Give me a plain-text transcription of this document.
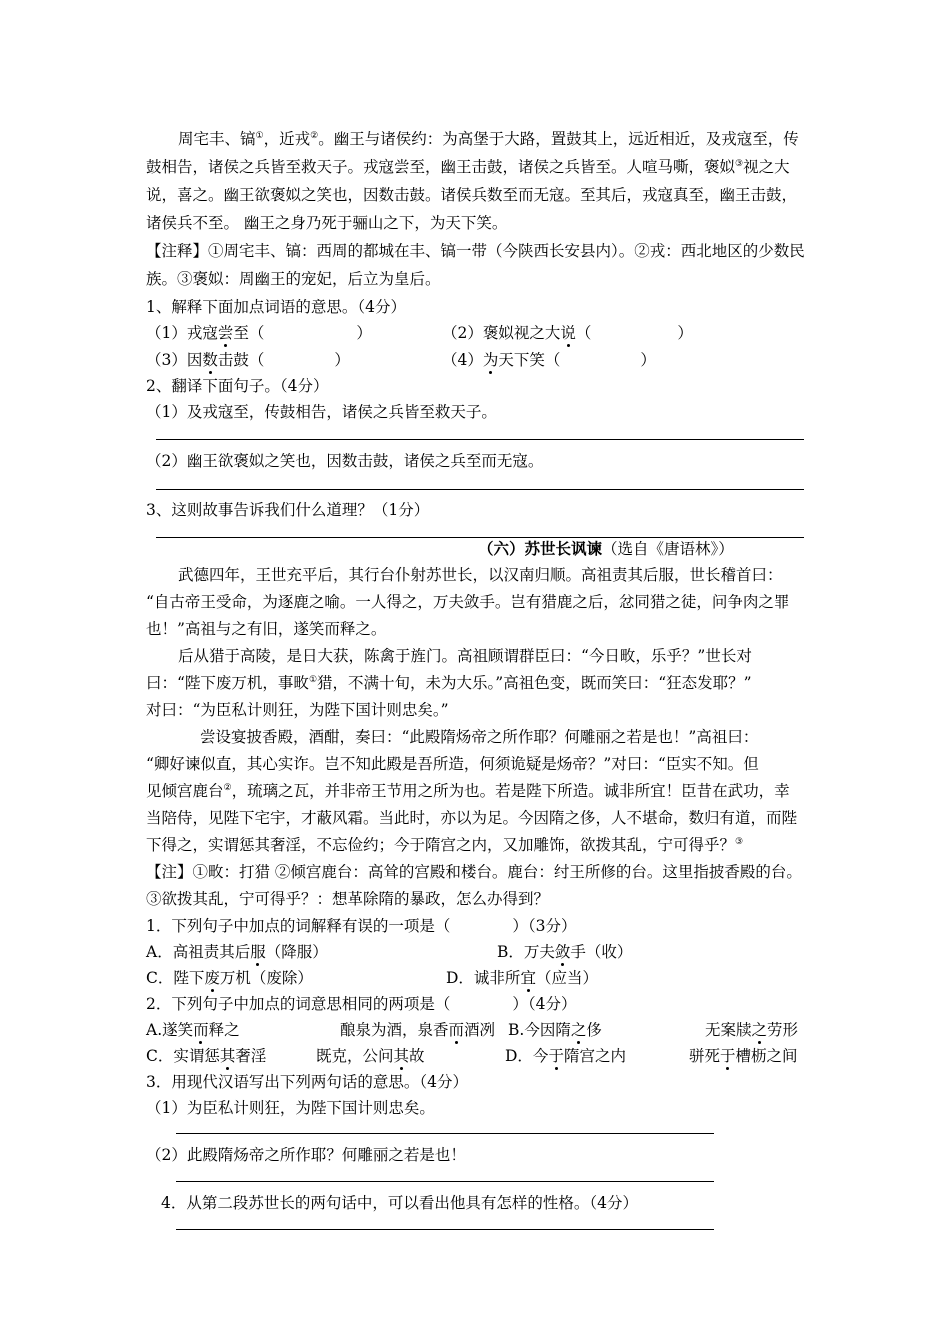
周宅丰、镐①，近戎②。幽王与诸侯约：为高堡于大路，置鼓其上，远近相近，及戎寇至，传
鼓相告，诸侯之兵皆至救天子。戎寇尝至，幽王击鼓，诸侯之兵皆至。人喧马嘶，褒姒③视之大
说，喜之。幽王欲褒姒之笑也，因数击鼓。诸侯兵数至而无寇。至其后，戎寇真至，幽王击鼓，
诸侯兵不至。 幽王之身乃死于骊山之下，为天下笑。
【注释】①周宅丰、镐：西周的都城在丰、镐一带（今陕西长安县内）。②戎：西北地区的少数民
族。③褒姒：周幽王的宠妃，后立为皇后。
1、解释下面加点词语的意思。（4分）
（1）戎寇尝至（	）	（2）褒姒视之大说（	）
（3）因数击鼓（	）	（4）为天下笑（	）
2、翻译下面句子。（4分）
（1）及戎寇至，传鼓相告，诸侯之兵皆至救天子。
（2）幽王欲褒姒之笑也，因数击鼓，诸侯之兵至而无寇。
3、这则故事告诉我们什么道理？（1分）
（六）苏世长讽谏（选自《唐语林》）
武德四年，王世充平后，其行台仆射苏世长，以汉南归顺。高祖责其后服，世长稽首曰：
“自古帝王受命，为逐鹿之喻。一人得之，万夫敛手。岂有猎鹿之后，忿同猎之徒，问争肉之罪
也！”高祖与之有旧，遂笑而释之。
后从猎于高陵，是日大获，陈禽于旌门。高祖顾谓群臣曰：“今日畋，乐乎？”世长对
曰：“陛下废万机，事畋①猎，不满十旬，未为大乐。”高祖色变，既而笑曰：“狂态发耶？”
对曰：“为臣私计则狂，为陛下国计则忠矣。”
尝设宴披香殿，酒酣，奏曰：“此殿隋炀帝之所作耶？何雕丽之若是也！”高祖曰：
“卿好谏似直，其心实诈。岂不知此殿是吾所造，何须诡疑是炀帝？”对曰：“臣实不知。但
见倾宫鹿台②，琉璃之瓦，并非帝王节用之所为也。若是陛下所造。诚非所宜！臣昔在武功，幸
当陪侍，见陛下宅宇，才蔽风霜。当此时，亦以为足。今因隋之侈，人不堪命，数归有道，而陛
下得之，实谓惩其奢淫，不忘俭约；今于隋宫之内，又加雕饰，欲拨其乱，宁可得乎？③
【注】①畋：打猎 ②倾宫鹿台：高耸的宫殿和楼台。鹿台：纣王所修的台。这里指披香殿的台。
③欲拨其乱，宁可得乎？：想革除隋的暴政，怎么办得到？
1．下列句子中加点的词解释有误的一项是（　　　　）（3分）
A．高祖责其后服（降服）	B．万夫敛手（收）
C．陛下废万机（废除）	D．诚非所宜（应当）
2．下列句子中加点的词意思相同的两项是（　　　　）（4分）
A.遂笑而释之	酿泉为酒，泉香而酒冽 B.今因隋之侈	无案牍之劳形
C．实谓惩其奢淫	既克，公问其故	D．今于隋宫之内	骈死于槽枥之间
3．用现代汉语写出下列两句话的意思。（4分）
（1）为臣私计则狂，为陛下国计则忠矣。
（2）此殿隋炀帝之所作耶？何雕丽之若是也！
4．从第二段苏世长的两句话中，可以看出他具有怎样的性格。（4分）
